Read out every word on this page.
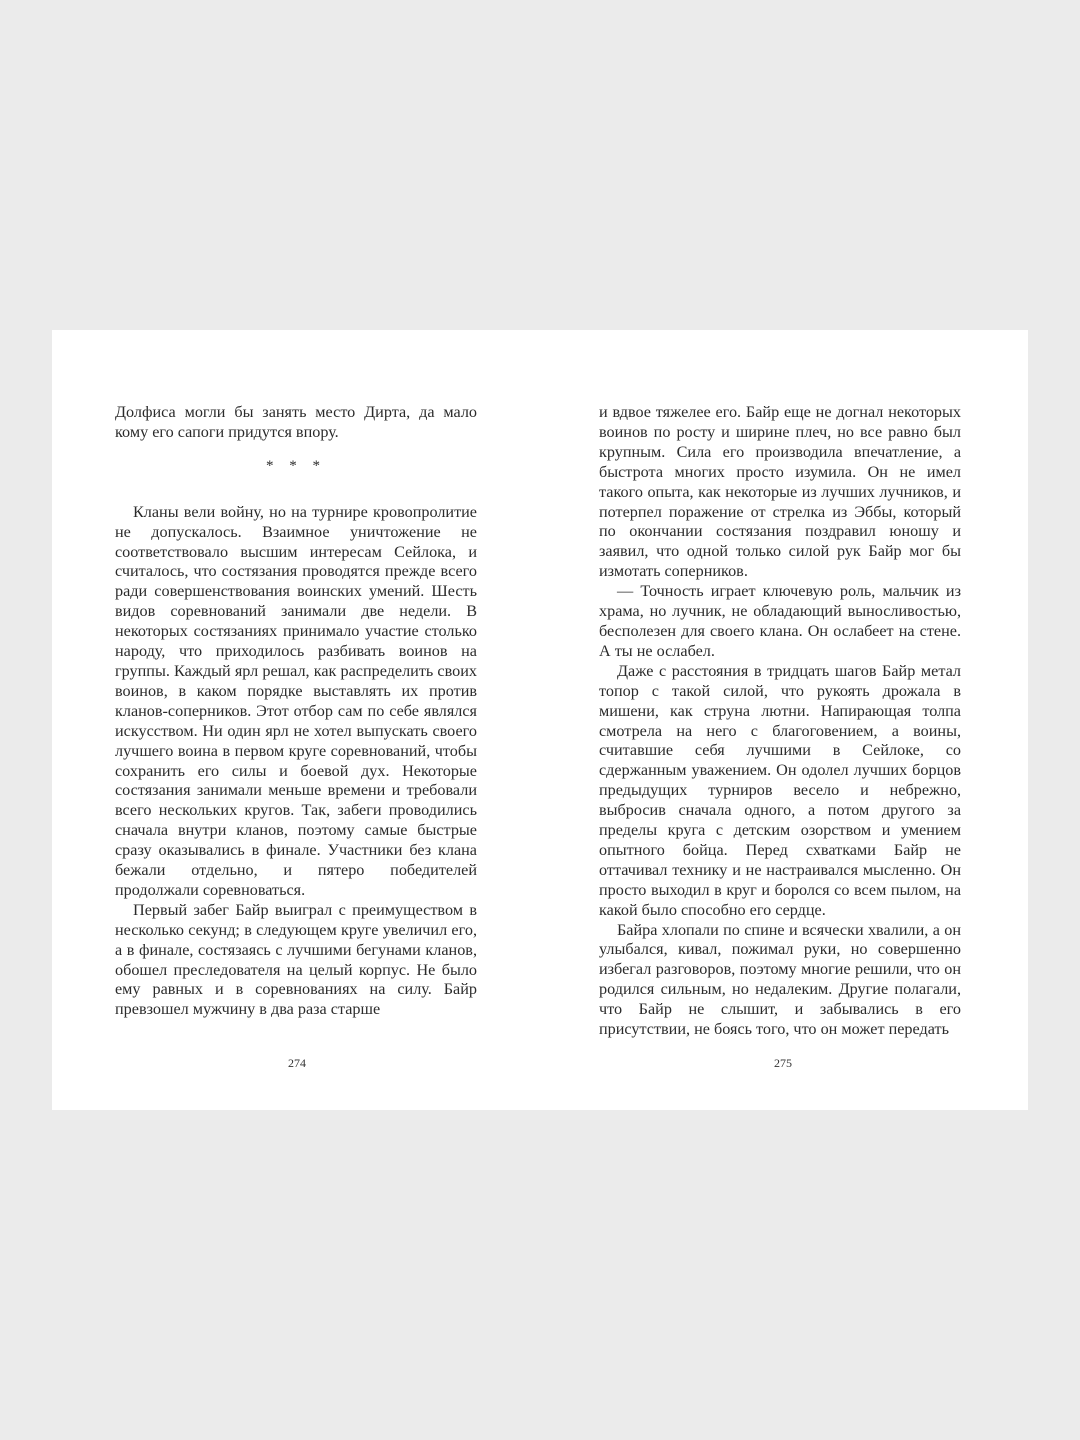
Долфиса могли бы занять место Дирта, да мало кому его сапоги придутся впору.

* * *

Кланы вели войну, но на турнире кровопролитие не допускалось. Взаимное уничтожение не соответствовало высшим интересам Сейлока, и считалось, что состязания проводятся прежде всего ради совершенствования воинских умений. Шесть видов соревнований занимали две недели. В некоторых состязаниях принимало участие столько народу, что приходилось разбивать воинов на группы. Каждый ярл решал, как распределить своих воинов, в каком порядке выставлять их против кланов-соперников. Этот отбор сам по себе являлся искусством. Ни один ярл не хотел выпускать своего лучшего воина в первом круге соревнований, чтобы сохранить его силы и боевой дух. Некоторые состязания занимали меньше времени и требовали всего нескольких кругов. Так, забеги проводились сначала внутри кланов, поэтому самые быстрые сразу оказывались в финале. Участники без клана бежали отдельно, и пятеро победителей продолжали соревноваться.

Первый забег Байр выиграл с преимуществом в несколько секунд; в следующем круге увеличил его, а в финале, состязаясь с лучшими бегунами кланов, обошел преследователя на целый корпус. Не было ему равных и в соревнованиях на силу. Байр превзошел мужчину в два раза старше

и вдвое тяжелее его. Байр еще не догнал некоторых воинов по росту и ширине плеч, но все равно был крупным. Сила его производила впечатление, а быстрота многих просто изумила. Он не имел такого опыта, как некоторые из лучших лучников, и потерпел поражение от стрелка из Эббы, который по окончании состязания поздравил юношу и заявил, что одной только силой рук Байр мог бы измотать соперников.

— Точность играет ключевую роль, мальчик из храма, но лучник, не обладающий выносливостью, бесполезен для своего клана. Он ослабеет на стене. А ты не ослабел.

Даже с расстояния в тридцать шагов Байр метал топор с такой силой, что рукоять дрожала в мишени, как струна лютни. Напирающая толпа смотрела на него с благоговением, а воины, считавшие себя лучшими в Сейлоке, со сдержанным уважением. Он одолел лучших борцов предыдущих турниров весело и небрежно, выбросив сначала одного, а потом другого за пределы круга с детским озорством и умением опытного бойца. Перед схватками Байр не оттачивал технику и не настраивался мысленно. Он просто выходил в круг и боролся со всем пылом, на какой было способно его сердце.

Байра хлопали по спине и всячески хвалили, а он улыбался, кивал, пожимал руки, но совершенно избегал разговоров, поэтому многие решили, что он родился сильным, но недалеким. Другие полагали, что Байр не слышит, и забывались в его присутствии, не боясь того, что он может передать

274	275
